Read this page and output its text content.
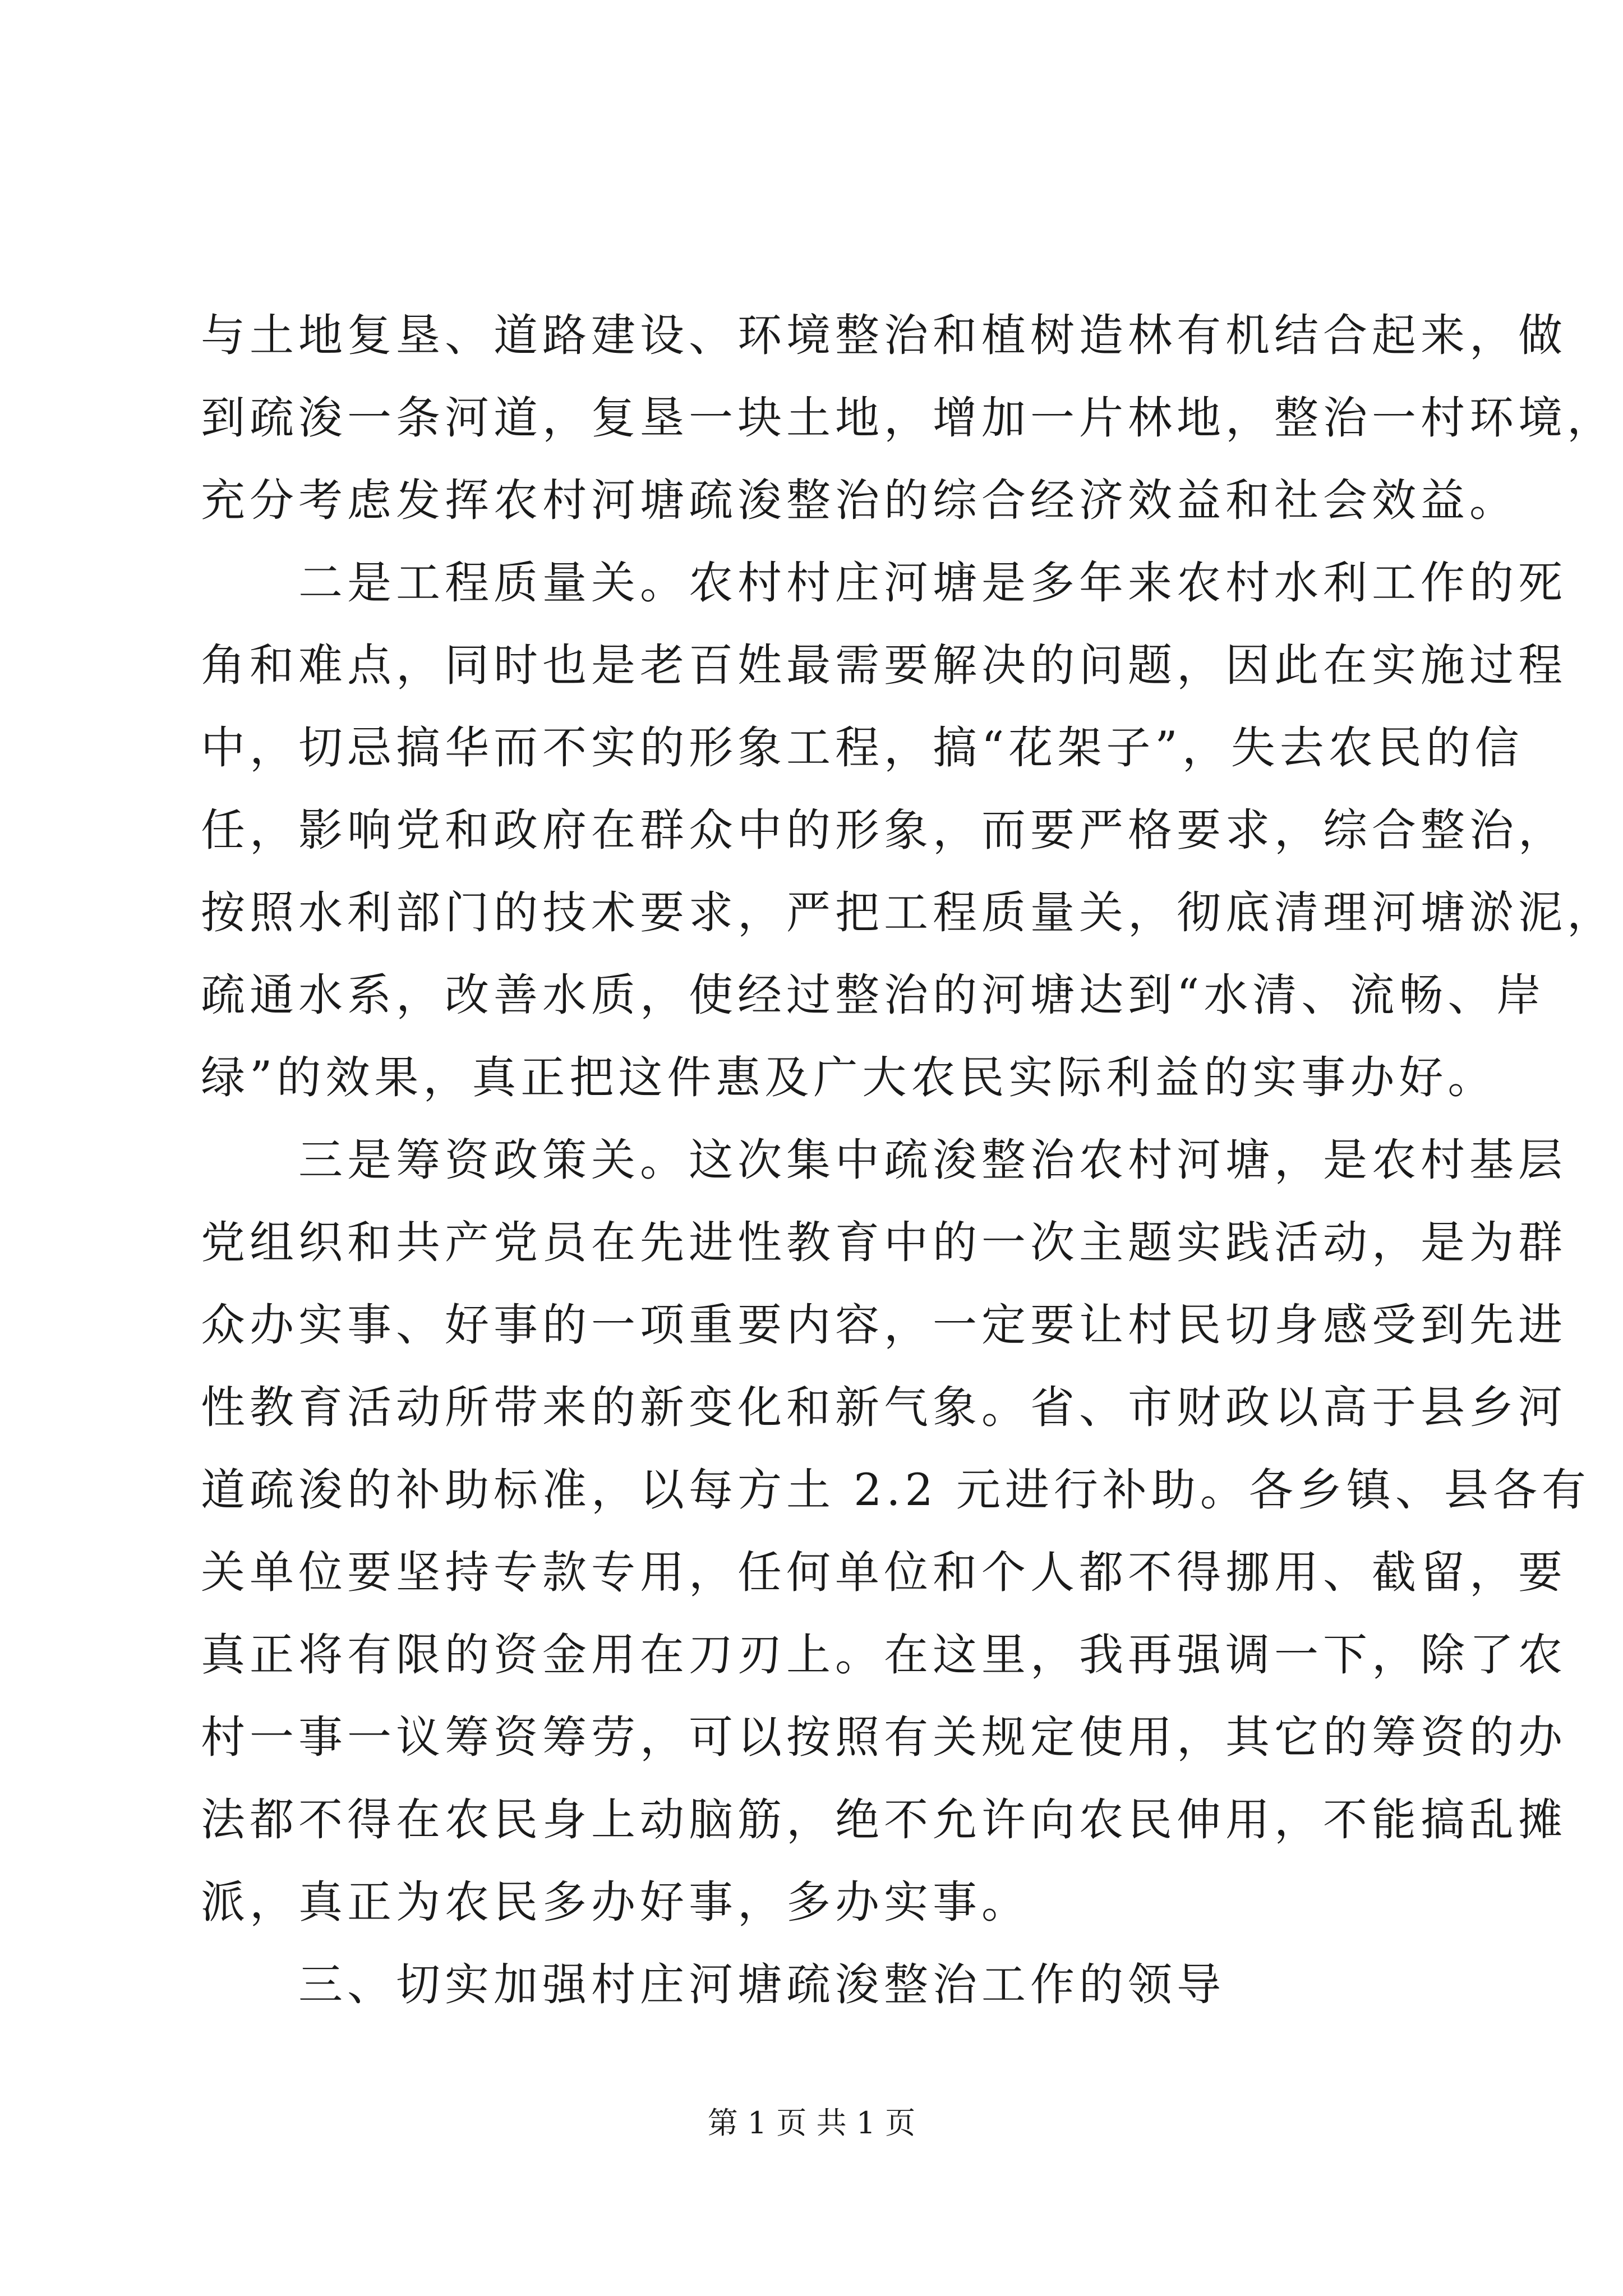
与土地复垦、道路建设、环境整治和植树造林有机结合起来，做
到疏浚一条河道，复垦一块土地，增加一片林地，整治一村环境，
充分考虑发挥农村河塘疏浚整治的综合经济效益和社会效益。
　　二是工程质量关。农村村庄河塘是多年来农村水利工作的死
角和难点，同时也是老百姓最需要解决的问题，因此在实施过程
中，切忌搞华而不实的形象工程，搞“花架子”，失去农民的信
任，影响党和政府在群众中的形象，而要严格要求，综合整治，
按照水利部门的技术要求，严把工程质量关，彻底清理河塘淤泥，
疏通水系，改善水质，使经过整治的河塘达到“水清、流畅、岸
绿”的效果，真正把这件惠及广大农民实际利益的实事办好。
　　三是筹资政策关。这次集中疏浚整治农村河塘，是农村基层
党组织和共产党员在先进性教育中的一次主题实践活动，是为群
众办实事、好事的一项重要内容，一定要让村民切身感受到先进
性教育活动所带来的新变化和新气象。省、市财政以高于县乡河
道疏浚的补助标准，以每方土 2.2 元进行补助。各乡镇、县各有
关单位要坚持专款专用，任何单位和个人都不得挪用、截留，要
真正将有限的资金用在刀刃上。在这里，我再强调一下，除了农
村一事一议筹资筹劳，可以按照有关规定使用，其它的筹资的办
法都不得在农民身上动脑筋，绝不允许向农民伸用，不能搞乱摊
派，真正为农民多办好事，多办实事。
　　三、切实加强村庄河塘疏浚整治工作的领导
第 1 页 共 1 页
